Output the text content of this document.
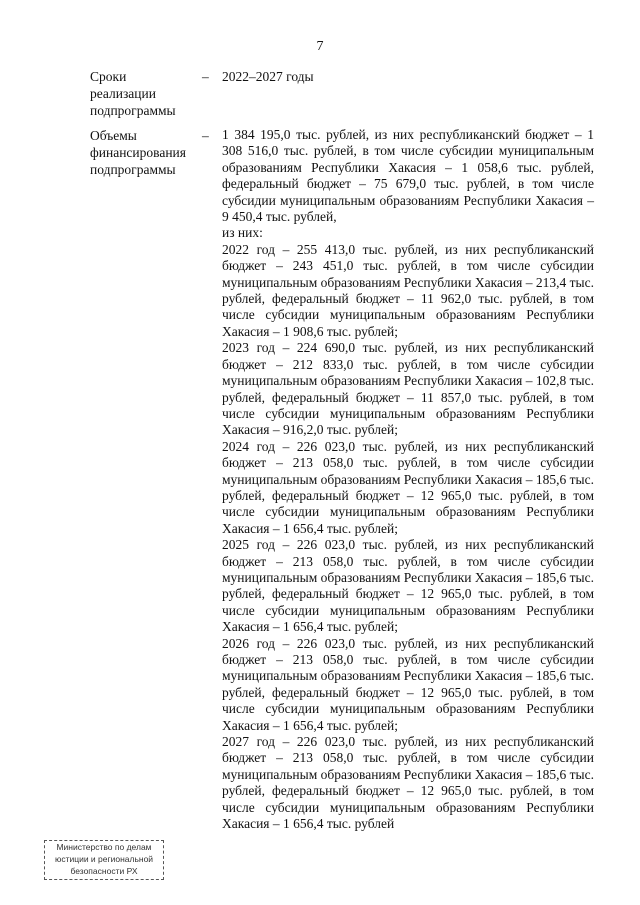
7
Сроки
реализации
подпрограммы
– 2022–2027 годы
Объемы
финансирования
подпрограммы
– 1 384 195,0 тыс. рублей, из них республиканский бюджет – 1 308 516,0 тыс. рублей, в том числе субсидии муниципальным образованиям Республики Хакасия – 1 058,6 тыс. рублей, федеральный бюджет – 75 679,0 тыс. рублей, в том числе субсидии муниципальным образованиям Республики Хакасия – 9 450,4 тыс. рублей,

из них:

2022 год – 255 413,0 тыс. рублей, из них республиканский бюджет – 243 451,0 тыс. рублей, в том числе субсидии муниципальным образованиям Республики Хакасия – 213,4 тыс. рублей, федеральный бюджет – 11 962,0 тыс. рублей, в том числе субсидии муниципальным образованиям Республики Хакасия – 1 908,6 тыс. рублей;

2023 год – 224 690,0 тыс. рублей, из них республиканский бюджет – 212 833,0 тыс. рублей, в том числе субсидии муниципальным образованиям Республики Хакасия – 102,8 тыс. рублей, федеральный бюджет – 11 857,0 тыс. рублей, в том числе субсидии муниципальным образованиям Республики Хакасия – 916,2,0 тыс. рублей;

2024 год – 226 023,0 тыс. рублей, из них республиканский бюджет – 213 058,0 тыс. рублей, в том числе субсидии муниципальным образованиям Республики Хакасия – 185,6 тыс. рублей, федеральный бюджет – 12 965,0 тыс. рублей, в том числе субсидии муниципальным образованиям Республики Хакасия – 1 656,4 тыс. рублей;

2025 год – 226 023,0 тыс. рублей, из них республиканский бюджет – 213 058,0 тыс. рублей, в том числе субсидии муниципальным образованиям Республики Хакасия – 185,6 тыс. рублей, федеральный бюджет – 12 965,0 тыс. рублей, в том числе субсидии муниципальным образованиям Республики Хакасия – 1 656,4 тыс. рублей;

2026 год – 226 023,0 тыс. рублей, из них республиканский бюджет – 213 058,0 тыс. рублей, в том числе субсидии муниципальным образованиям Республики Хакасия – 185,6 тыс. рублей, федеральный бюджет – 12 965,0 тыс. рублей, в том числе субсидии муниципальным образованиям Республики Хакасия – 1 656,4 тыс. рублей;

2027 год – 226 023,0 тыс. рублей, из них республиканский бюджет – 213 058,0 тыс. рублей, в том числе субсидии муниципальным образованиям Республики Хакасия – 185,6 тыс. рублей, федеральный бюджет – 12 965,0 тыс. рублей, в том числе субсидии муниципальным образованиям Республики Хакасия – 1 656,4 тыс. рублей

Министерство по делам
юстиции и региональной
безопасности РХ
